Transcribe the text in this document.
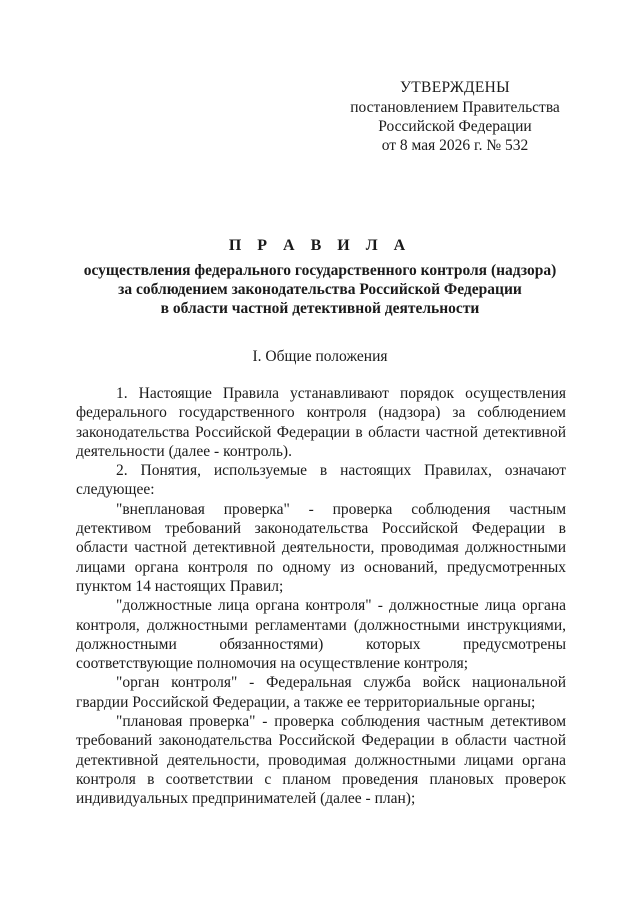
УТВЕРЖДЕНЫ
постановлением Правительства
Российской Федерации
от 8 мая 2026 г. № 532
П Р А В И Л А
осуществления федерального государственного контроля (надзора)
за соблюдением законодательства Российской Федерации
в области частной детективной деятельности
I. Общие положения

1. Настоящие Правила устанавливают порядок осуществления федерального государственного контроля (надзора) за соблюдением законодательства Российской Федерации в области частной детективной деятельности (далее - контроль).

2. Понятия, используемые в настоящих Правилах, означают следующее:

"внеплановая проверка" - проверка соблюдения частным детективом требований законодательства Российской Федерации в области частной детективной деятельности, проводимая должностными лицами органа контроля по одному из оснований, предусмотренных пунктом 14 настоящих Правил;

"должностные лица органа контроля" - должностные лица органа контроля, должностными регламентами (должностными инструкциями, должностными обязанностями) которых предусмотрены соответствующие полномочия на осуществление контроля;

"орган контроля" - Федеральная служба войск национальной гвардии Российской Федерации, а также ее территориальные органы;

"плановая проверка" - проверка соблюдения частным детективом требований законодательства Российской Федерации в области частной детективной деятельности, проводимая должностными лицами органа контроля в соответствии с планом проведения плановых проверок индивидуальных предпринимателей (далее - план);
